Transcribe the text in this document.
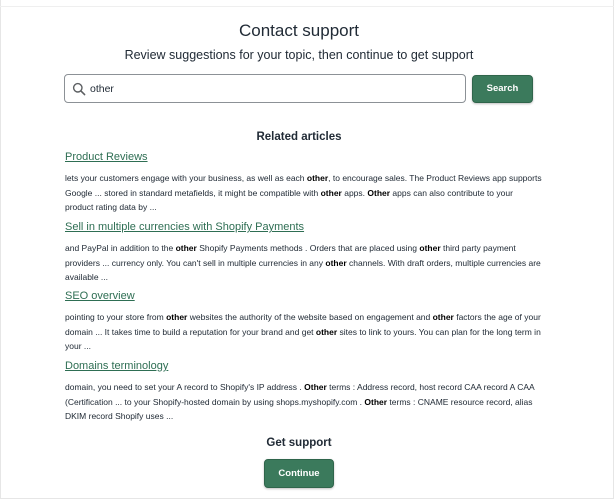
Contact support
Review suggestions for your topic, then continue to get support
other
Search
Related articles
Product Reviews
lets your customers engage with your business, as well as each other, to encourage sales. The Product Reviews app supports Google ... stored in standard metafields, it might be compatible with other apps. Other apps can also contribute to your product rating data by ...
Sell in multiple currencies with Shopify Payments
and PayPal in addition to the other Shopify Payments methods . Orders that are placed using other third party payment providers ... currency only. You can't sell in multiple currencies in any other channels. With draft orders, multiple currencies are available ...
SEO overview
pointing to your store from other websites the authority of the website based on engagement and other factors the age of your domain ... It takes time to build a reputation for your brand and get other sites to link to yours. You can plan for the long term in your ...
Domains terminology
domain, you need to set your A record to Shopify's IP address . Other terms : Address record, host record CAA record A CAA (Certification ... to your Shopify-hosted domain by using shops.myshopify.com . Other terms : CNAME resource record, alias DKIM record Shopify uses ...
Get support
Continue
